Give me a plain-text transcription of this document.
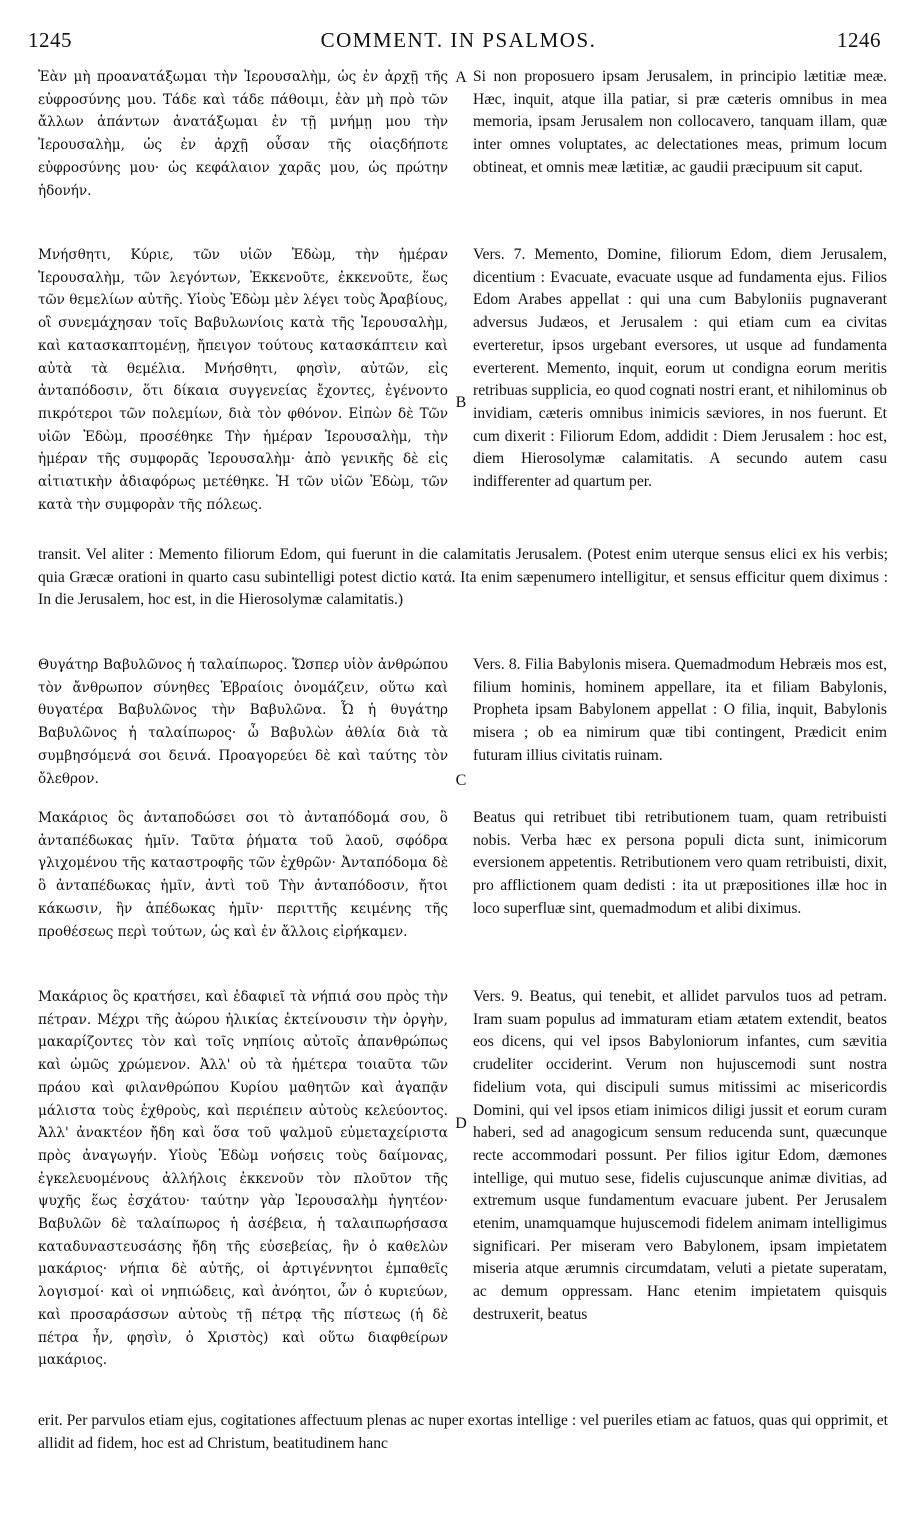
1245	COMMENT. IN PSALMOS.	1246
A
B
C
D
Ἐὰν μὴ προανατάξωμαι τὴν Ἰερουσαλὴμ, ὡς ἐν ἀρχῇ τῆς εὐφροσύνης μου. Τάδε καὶ τάδε πάθοιμι, ἐὰν μὴ πρὸ τῶν ἄλλων ἁπάντων ἀνατάξωμαι ἐν τῇ μνήμῃ μου τὴν Ἰερουσαλὴμ, ὡς ἐν ἀρχῇ οὖσαν τῆς οἱαςδήποτε εὐφροσύνης μου· ὡς κεφάλαιον χαρᾶς μου, ὡς πρώτην ἡδονήν.
Μνήσθητι, Κύριε, τῶν υἱῶν Ἐδὼμ, τὴν ἡμέραν Ἰερουσαλὴμ, τῶν λεγόντων, Ἐκκενοῦτε, ἐκκενοῦτε, ἕως τῶν θεμελίων αὐτῆς. Υἱοὺς Ἐδὼμ μὲν λέγει τοὺς Ἀραβίους, οἳ συνεμάχησαν τοῖς Βαβυλωνίοις κατὰ τῆς Ἰερουσαλὴμ, καὶ κατασκαπτομένῃ, ἤπειγον τούτους κατασκάπτειν καὶ αὐτὰ τὰ θεμέλια. Μνήσθητι, φησὶν, αὐτῶν, εἰς ἀνταπόδοσιν, ὅτι δίκαια συγγενείας ἔχοντες, ἐγένοντο πικρότεροι τῶν πολεμίων, διὰ τὸν φθόνον. Εἰπὼν δὲ Τῶν υἱῶν Ἐδὼμ, προσέθηκε Τὴν ἡμέραν Ἰερουσαλὴμ, τὴν ἡμέραν τῆς συμφορᾶς Ἰερουσαλὴμ· ἀπὸ γενικῆς δὲ εἰς αἰτιατικὴν ἀδιαφόρως μετέθηκε. Ἡ τῶν υἱῶν Ἐδὼμ, τῶν κατὰ τὴν συμφορὰν τῆς πόλεως.
Θυγάτηρ Βαβυλῶνος ἡ ταλαίπωρος. Ὥσπερ υἱὸν ἀνθρώπου τὸν ἄνθρωπον σύνηθες Ἑβραίοις ὀνομάζειν, οὕτω καὶ θυγατέρα Βαβυλῶνος τὴν Βαβυλῶνα. Ὦ ἡ θυγάτηρ Βαβυλῶνος ἡ ταλαίπωρος· ὦ Βαβυλὼν ἀθλία διὰ τὰ συμβησόμενά σοι δεινά. Προαγορεύει δὲ καὶ ταύτης τὸν ὄλεθρον.
Μακάριος ὃς ἀνταποδώσει σοι τὸ ἀνταπόδομά σου, ὃ ἀνταπέδωκας ἡμῖν. Ταῦτα ῥήματα τοῦ λαοῦ, σφόδρα γλιχομένου τῆς καταστροφῆς τῶν ἐχθρῶν· Ἀνταπόδομα δὲ ὃ ἀνταπέδωκας ἡμῖν, ἀντὶ τοῦ Τὴν ἀνταπόδοσιν, ἤτοι κάκωσιν, ἣν ἀπέδωκας ἡμῖν· περιττῆς κειμένης τῆς προθέσεως περὶ τούτων, ὡς καὶ ἐν ἄλλοις εἰρήκαμεν.
Μακάριος ὃς κρατήσει, καὶ ἐδαφιεῖ τὰ νήπιά σου πρὸς τὴν πέτραν. Μέχρι τῆς ἀώρου ἡλικίας ἐκτείνουσιν τὴν ὀργὴν, μακαρίζοντες τὸν καὶ τοῖς νηπίοις αὐτοῖς ἀπανθρώπως καὶ ὠμῶς χρώμενον. Ἀλλ' οὐ τὰ ἡμέτερα τοιαῦτα τῶν πράου καὶ φιλανθρώπου Κυρίου μαθητῶν καὶ ἀγαπᾷν μάλιστα τοὺς ἐχθροὺς, καὶ περιέπειν αὐτοὺς κελεύοντος. Ἀλλ' ἀνακτέον ἤδη καὶ ὅσα τοῦ ψαλμοῦ εὐμεταχείριστα πρὸς ἀναγωγήν. Υἱοὺς Ἐδὼμ νοήσεις τοὺς δαίμονας, ἐγκελευομένους ἀλλήλοις ἐκκενοῦν τὸν πλοῦτον τῆς ψυχῆς ἕως ἐσχάτου· ταύτην γὰρ Ἰερουσαλὴμ ἡγητέον· Βαβυλῶν δὲ ταλαίπωρος ἡ ἀσέβεια, ἡ ταλαιπωρήσασα καταδυναστευσάσης ἤδη τῆς εὐσεβείας, ἣν ὁ καθελὼν μακάριος· νήπια δὲ αὐτῆς, οἱ ἀρτιγέννητοι ἐμπαθεῖς λογισμοί· καὶ οἱ νηπιώδεις, καὶ ἀνόητοι, ὧν ὁ κυριεύων, καὶ προσαράσσων αὐτοὺς τῇ πέτρᾳ τῆς πίστεως (ἡ δὲ πέτρα ἦν, φησὶν, ὁ Χριστὸς) καὶ οὕτω διαφθείρων μακάριος.
Si non proposuero ipsam Jerusalem, in principio lætitiæ meæ. Hæc, inquit, atque illa patiar, si præ cæteris omnibus in mea memoria, ipsam Jerusalem non collocavero, tanquam illam, quæ inter omnes voluptates, ac delectationes meas, primum locum obtineat, et omnis meæ lætitiæ, ac gaudii præcipuum sit caput.
Vers. 7. Memento, Domine, filiorum Edom, diem Jerusalem, dicentium : Evacuate, evacuate usque ad fundamenta ejus. Filios Edom Arabes appellat : qui una cum Babyloniis pugnaverant adversus Judæos, et Jerusalem : qui etiam cum ea civitas everteretur, ipsos urgebant eversores, ut usque ad fundamenta everterent. Memento, inquit, eorum ut condigna eorum meritis retribuas supplicia, eo quod cognati nostri erant, et nihilominus ob invidiam, cæteris omnibus inimicis sæviores, in nos fuerunt. Et cum dixerit : Filiorum Edom, addidit : Diem Jerusalem : hoc est, diem Hierosolymæ calamitatis. A secundo autem casu indifferenter ad quartum per.
Vers. 8. Filia Babylonis misera. Quemadmodum Hebræis mos est, filium hominis, hominem appellare, ita et filiam Babylonis, Propheta ipsam Babylonem appellat : O filia, inquit, Babylonis misera ; ob ea nimirum quæ tibi contingent, Prædicit enim futuram illius civitatis ruinam.
Beatus qui retribuet tibi retributionem tuam, quam retribuisti nobis. Verba hæc ex persona populi dicta sunt, inimicorum eversionem appetentis. Retributionem vero quam retribuisti, dixit, pro afflictionem quam dedisti : ita ut præpositiones illæ hoc in loco superfluæ sint, quemadmodum et alibi diximus.
Vers. 9. Beatus, qui tenebit, et allidet parvulos tuos ad petram. Iram suam populus ad immaturam etiam ætatem extendit, beatos eos dicens, qui vel ipsos Babyloniorum infantes, cum sævitia crudeliter occiderint. Verum non hujuscemodi sunt nostra fidelium vota, qui discipuli sumus mitissimi ac misericordis Domini, qui vel ipsos etiam inimicos diligi jussit et eorum curam haberi, sed ad anagogicum sensum reducenda sunt, quæcunque recte accommodari possunt. Per filios igitur Edom, dæmones intellige, qui mutuo sese, fidelis cujuscunque animæ divitias, ad extremum usque fundamentum evacuare jubent. Per Jerusalem etenim, unamquamque hujuscemodi fidelem animam intelligimus significari. Per miseram vero Babylonem, ipsam impietatem miseria atque ærumnis circumdatam, veluti a pietate superatam, ac demum oppressam. Hanc etenim impietatem quisquis destruxerit, beatus
transit. Vel aliter : Memento filiorum Edom, qui fuerunt in die calamitatis Jerusalem. (Potest enim uterque sensus elici ex his verbis; quia Græcæ orationi in quarto casu subintelligi potest dictio κατά. Ita enim sæpenumero intelligitur, et sensus efficitur quem diximus : In die Jerusalem, hoc est, in die Hierosolymæ calamitatis.)
erit. Per parvulos etiam ejus, cogitationes affectuum plenas ac nuper exortas intellige : vel pueriles etiam ac fatuos, quas qui opprimit, et allidit ad fidem, hoc est ad Christum, beatitudinem hanc
